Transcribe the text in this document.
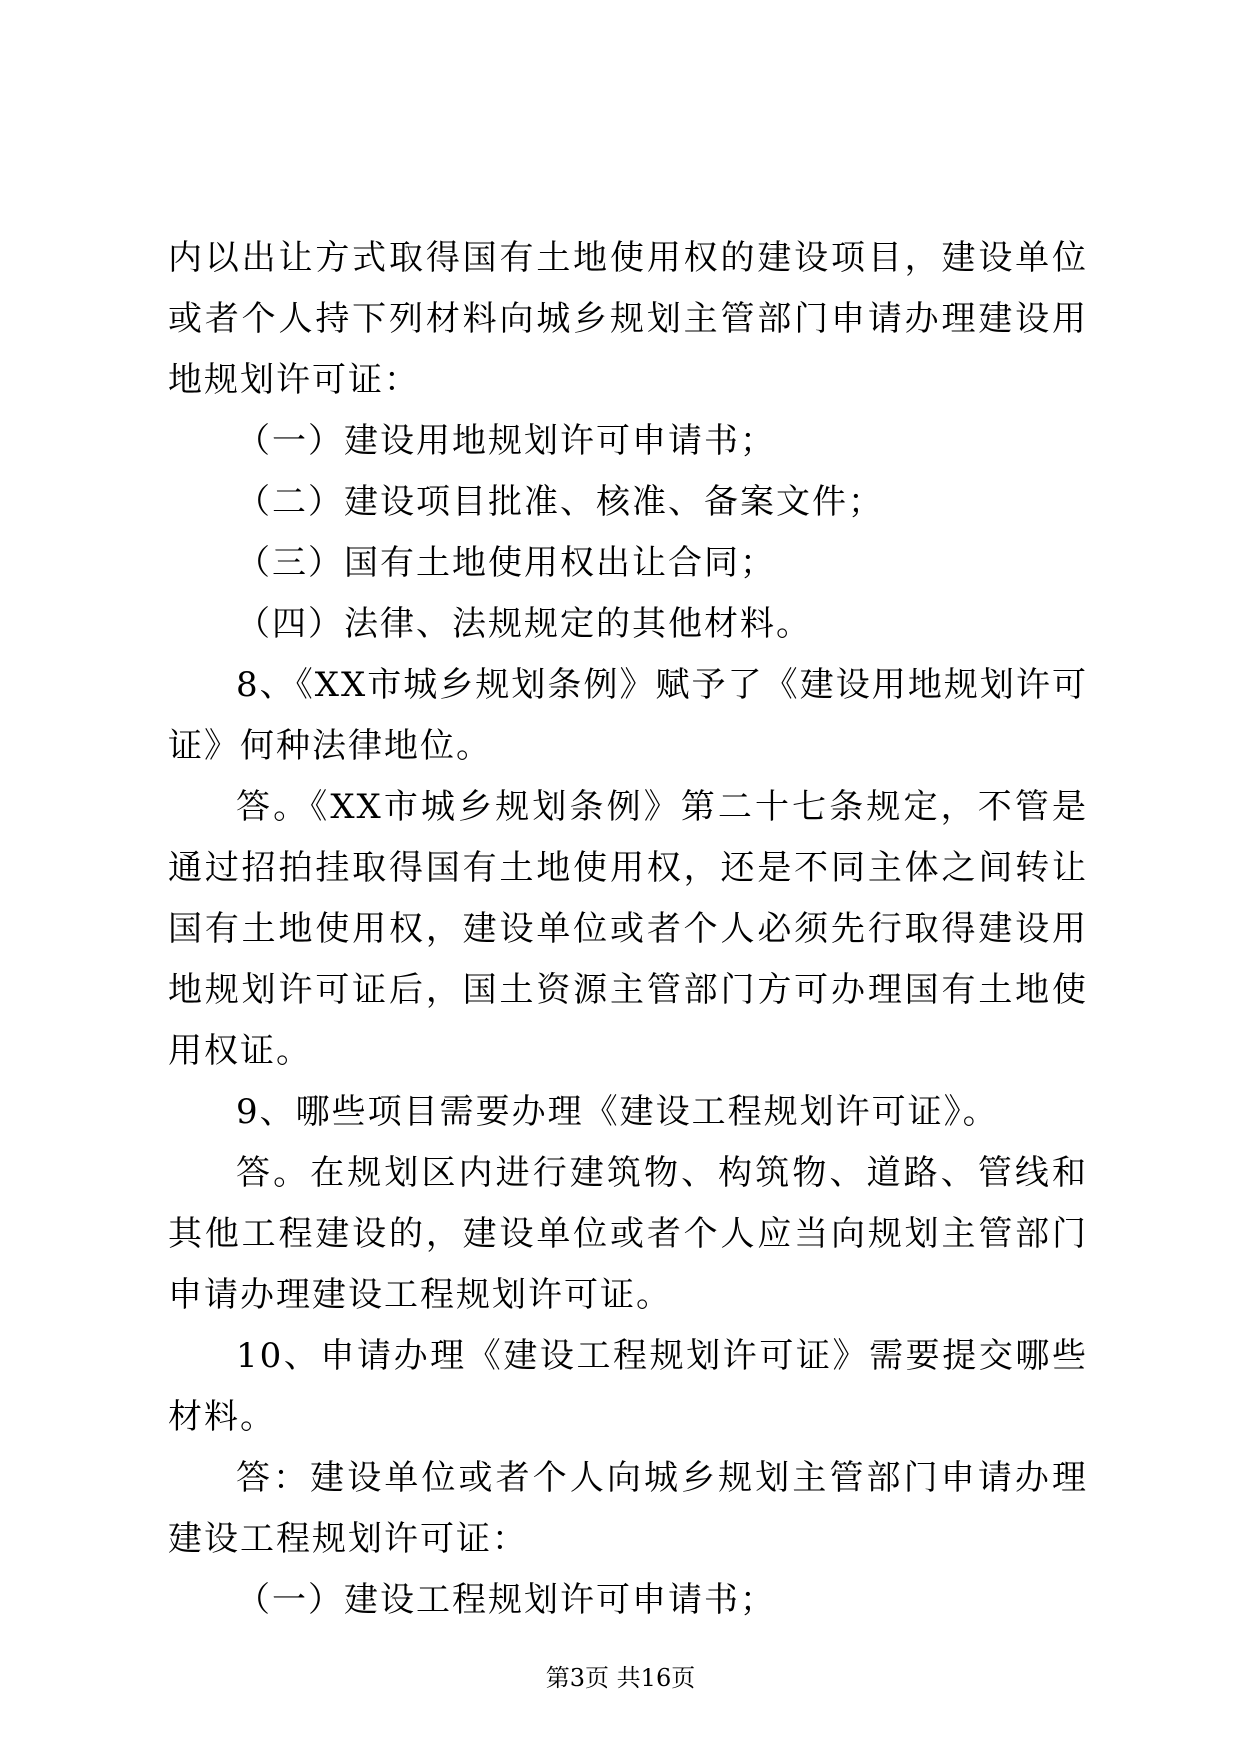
内以出让方式取得国有土地使用权的建设项目，建设单位或者个人持下列材料向城乡规划主管部门申请办理建设用地规划许可证：

（一）建设用地规划许可申请书；

（二）建设项目批准、核准、备案文件；

（三）国有土地使用权出让合同；

（四）法律、法规规定的其他材料。

8、《XX市城乡规划条例》赋予了《建设用地规划许可证》何种法律地位。

答。《XX市城乡规划条例》第二十七条规定，不管是通过招拍挂取得国有土地使用权，还是不同主体之间转让国有土地使用权，建设单位或者个人必须先行取得建设用地规划许可证后，国土资源主管部门方可办理国有土地使用权证。

9、哪些项目需要办理《建设工程规划许可证》。

答。在规划区内进行建筑物、构筑物、道路、管线和其他工程建设的，建设单位或者个人应当向规划主管部门申请办理建设工程规划许可证。

10、申请办理《建设工程规划许可证》需要提交哪些材料。

答：建设单位或者个人向城乡规划主管部门申请办理建设工程规划许可证：

（一）建设工程规划许可申请书；

第3页 共16页
